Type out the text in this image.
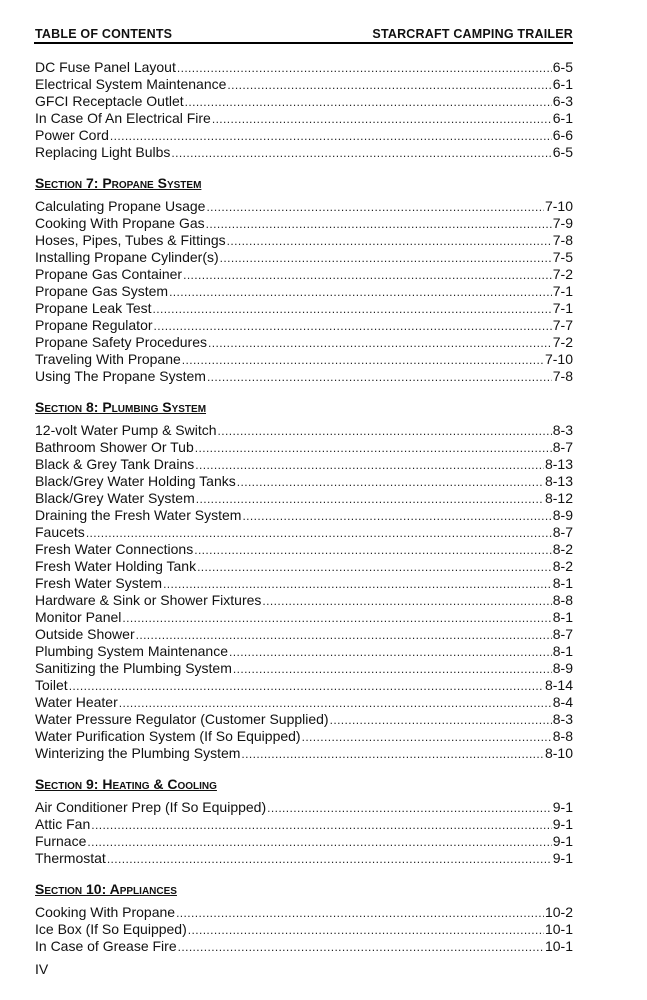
TABLE OF CONTENTS	STARCRAFT CAMPING TRAILER
DC Fuse Panel Layout .....	6-5
Electrical System Maintenance .....	6-1
GFCI Receptacle Outlet .....	6-3
In Case Of An Electrical Fire .....	6-1
Power Cord .....	6-6
Replacing Light Bulbs .....	6-5
Section 7: Propane System
Calculating Propane Usage .....	7-10
Cooking With Propane Gas .....	7-9
Hoses, Pipes, Tubes & Fittings .....	7-8
Installing Propane Cylinder(s) .....	7-5
Propane Gas Container .....	7-2
Propane Gas System .....	7-1
Propane Leak Test .....	7-1
Propane Regulator .....	7-7
Propane Safety Procedures .....	7-2
Traveling With Propane .....	7-10
Using The Propane System .....	7-8
Section 8: Plumbing System
12-volt Water Pump & Switch .....	8-3
Bathroom Shower Or Tub .....	8-7
Black & Grey Tank Drains .....	8-13
Black/Grey Water Holding Tanks .....	8-13
Black/Grey Water System .....	8-12
Draining the Fresh Water System .....	8-9
Faucets .....	8-7
Fresh Water Connections .....	8-2
Fresh Water Holding Tank .....	8-2
Fresh Water System .....	8-1
Hardware & Sink or Shower Fixtures .....	8-8
Monitor Panel .....	8-1
Outside Shower .....	8-7
Plumbing System Maintenance .....	8-1
Sanitizing the Plumbing System .....	8-9
Toilet .....	8-14
Water Heater .....	8-4
Water Pressure Regulator (Customer Supplied) .....	8-3
Water Purification System (If So Equipped) .....	8-8
Winterizing the Plumbing System .....	8-10
Section 9: Heating & Cooling
Air Conditioner Prep (If So Equipped) .....	9-1
Attic Fan .....	9-1
Furnace .....	9-1
Thermostat .....	9-1
Section 10: Appliances
Cooking With Propane .....	10-2
Ice Box (If So Equipped) .....	10-1
In Case of Grease Fire .....	10-1
IV
